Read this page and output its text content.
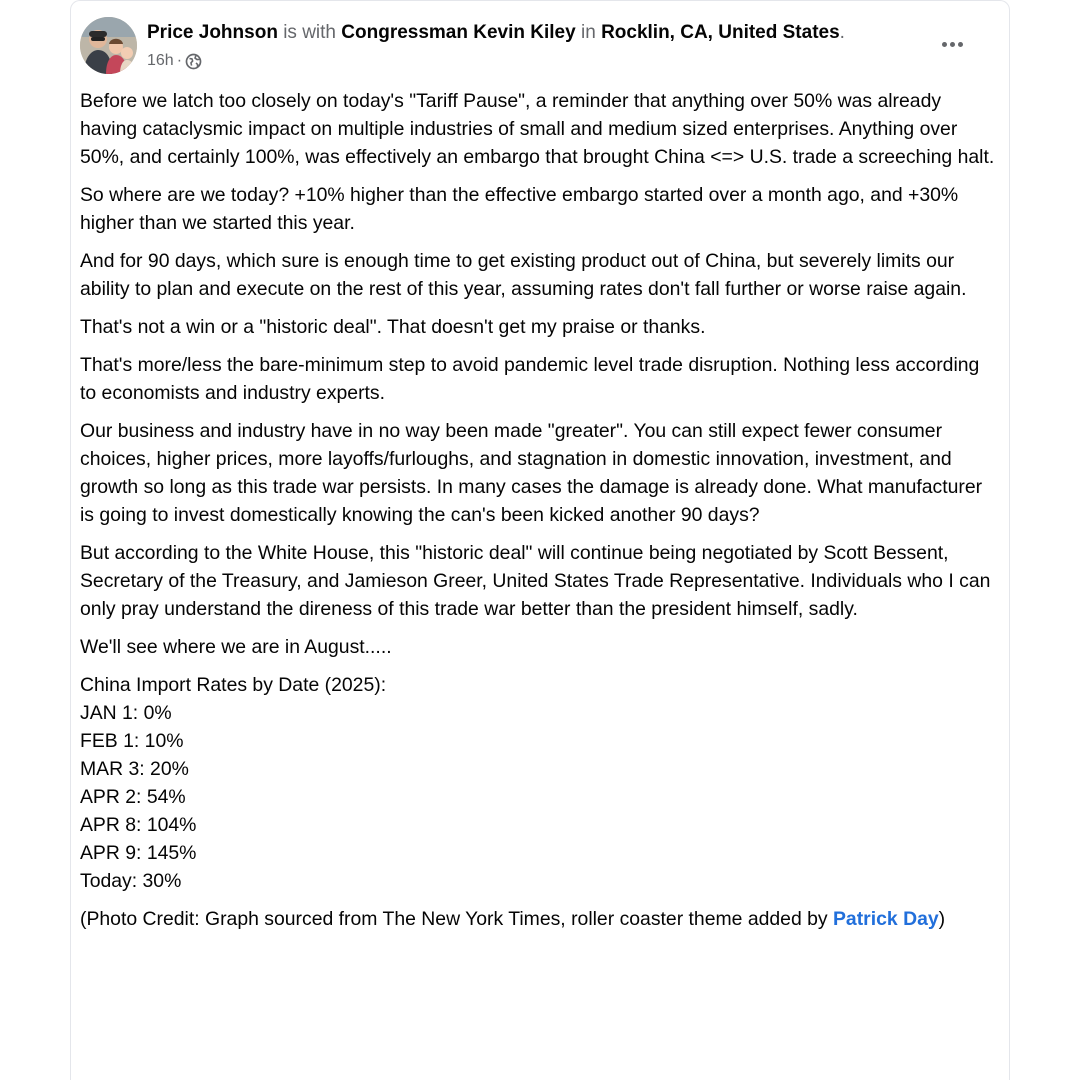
Price Johnson is with Congressman Kevin Kiley in Rocklin, CA, United States.
16h ·

Before we latch too closely on today's "Tariff Pause", a reminder that anything over 50% was already having cataclysmic impact on multiple industries of small and medium sized enterprises. Anything over 50%, and certainly 100%, was effectively an embargo that brought China <=> U.S. trade a screeching halt.

So where are we today? +10% higher than the effective embargo started over a month ago, and +30% higher than we started this year.

And for 90 days, which sure is enough time to get existing product out of China, but severely limits our ability to plan and execute on the rest of this year, assuming rates don't fall further or worse raise again.

That's not a win or a "historic deal". That doesn't get my praise or thanks.

That's more/less the bare-minimum step to avoid pandemic level trade disruption. Nothing less according to economists and industry experts.

Our business and industry have in no way been made "greater". You can still expect fewer consumer choices, higher prices, more layoffs/furloughs, and stagnation in domestic innovation, investment, and growth so long as this trade war persists. In many cases the damage is already done. What manufacturer is going to invest domestically knowing the can's been kicked another 90 days?

But according to the White House, this "historic deal" will continue being negotiated by Scott Bessent, Secretary of the Treasury, and Jamieson Greer, United States Trade Representative. Individuals who I can only pray understand the direness of this trade war better than the president himself, sadly.

We'll see where we are in August.....

China Import Rates by Date (2025):
JAN 1: 0%
FEB 1: 10%
MAR 3: 20%
APR 2: 54%
APR 8: 104%
APR 9: 145%
Today: 30%

(Photo Credit: Graph sourced from The New York Times, roller coaster theme added by Patrick Day)
